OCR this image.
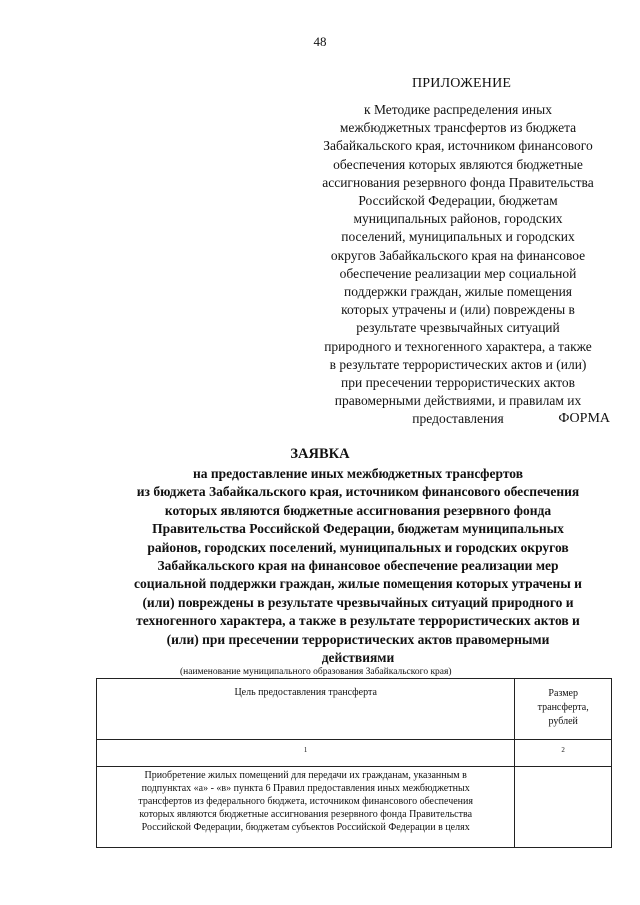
48
ПРИЛОЖЕНИЕ
к Методике распределения иных
межбюджетных трансфертов из бюджета
Забайкальского края, источником финансового
обеспечения которых являются бюджетные
ассигнования резервного фонда Правительства
Российской Федерации, бюджетам
муниципальных районов, городских
поселений, муниципальных и городских
округов Забайкальского края на финансовое
обеспечение реализации мер социальной
поддержки граждан, жилые помещения
которых утрачены и (или) повреждены в
результате чрезвычайных ситуаций
природного и техногенного характера, а также
в результате террористических актов и (или)
при пресечении террористических актов
правомерными действиями, и правилам их
предоставления	ФОРМА
ЗАЯВКА
на предоставление иных межбюджетных трансфертов
из бюджета Забайкальского края, источником финансового обеспечения
которых являются бюджетные ассигнования резервного фонда
Правительства Российской Федерации, бюджетам муниципальных
районов, городских поселений, муниципальных и городских округов
Забайкальского края на финансовое обеспечение реализации мер
социальной поддержки граждан, жилые помещения которых утрачены и
(или) повреждены в результате чрезвычайных ситуаций природного и
техногенного характера, а также в результате террористических актов и
(или) при пресечении террористических актов правомерными
действиями
(наименование муниципального образования Забайкальского края)
Цель предоставления трансферта	Размер
трансферта,
рублей

1	2

Приобретение жилых помещений для передачи их гражданам, указанным в
подпунктах «а» - «в» пункта 6 Правил предоставления иных межбюджетных
трансфертов из федерального бюджета, источником финансового обеспечения
которых являются бюджетные ассигнования резервного фонда Правительства
Российской Федерации, бюджетам субъектов Российской Федерации в целях	
